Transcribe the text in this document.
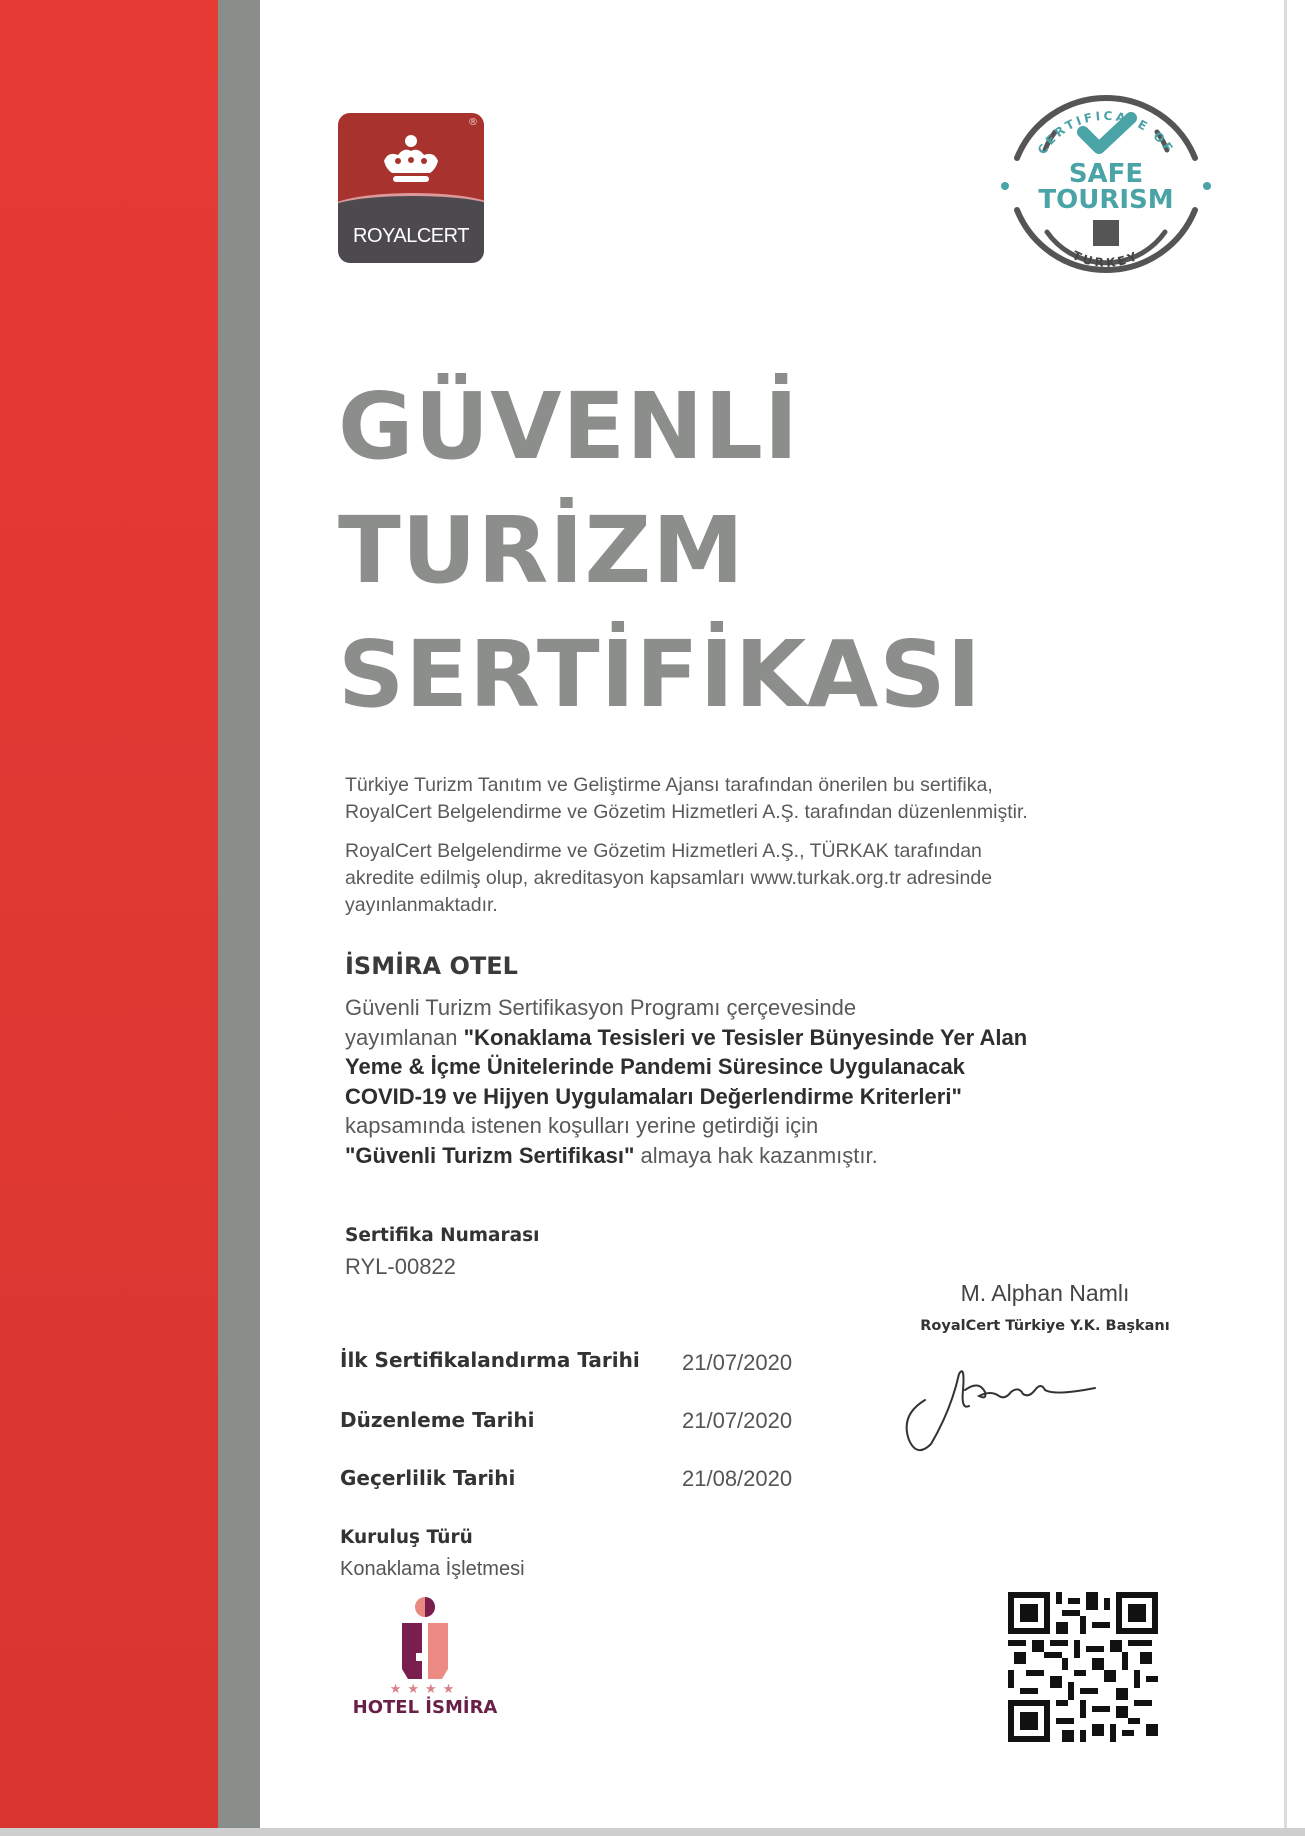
®
ROYALCERT
CERTIFICATE OF
SAFE
TOURISM
TURKEY
GÜVENLİ
TURİZM
SERTİFİKASI
Türkiye Turizm Tanıtım ve Geliştirme Ajansı tarafından önerilen bu sertifika,
RoyalCert Belgelendirme ve Gözetim Hizmetleri A.Ş. tarafından düzenlenmiştir.
RoyalCert Belgelendirme ve Gözetim Hizmetleri A.Ş., TÜRKAK tarafından
akredite edilmiş olup, akreditasyon kapsamları www.turkak.org.tr adresinde
yayınlanmaktadır.
İSMİRA OTEL
Güvenli Turizm Sertifikasyon Programı çerçevesinde
yayımlanan "Konaklama Tesisleri ve Tesisler Bünyesinde Yer Alan
Yeme & İçme Ünitelerinde Pandemi Süresince Uygulanacak
COVID-19 ve Hijyen Uygulamaları Değerlendirme Kriterleri"
kapsamında istenen koşulları yerine getirdiği için
"Güvenli Turizm Sertifikası" almaya hak kazanmıştır.
Sertifika Numarası
RYL-00822
İlk Sertifikalandırma Tarihi 21/07/2020
Düzenleme Tarihi	21/07/2020
Geçerlilik Tarihi	21/08/2020
Kuruluş Türü
Konaklama İşletmesi
M. Alphan Namlı
RoyalCert Türkiye Y.K. Başkanı
★★★★
HOTEL İSMİRA
